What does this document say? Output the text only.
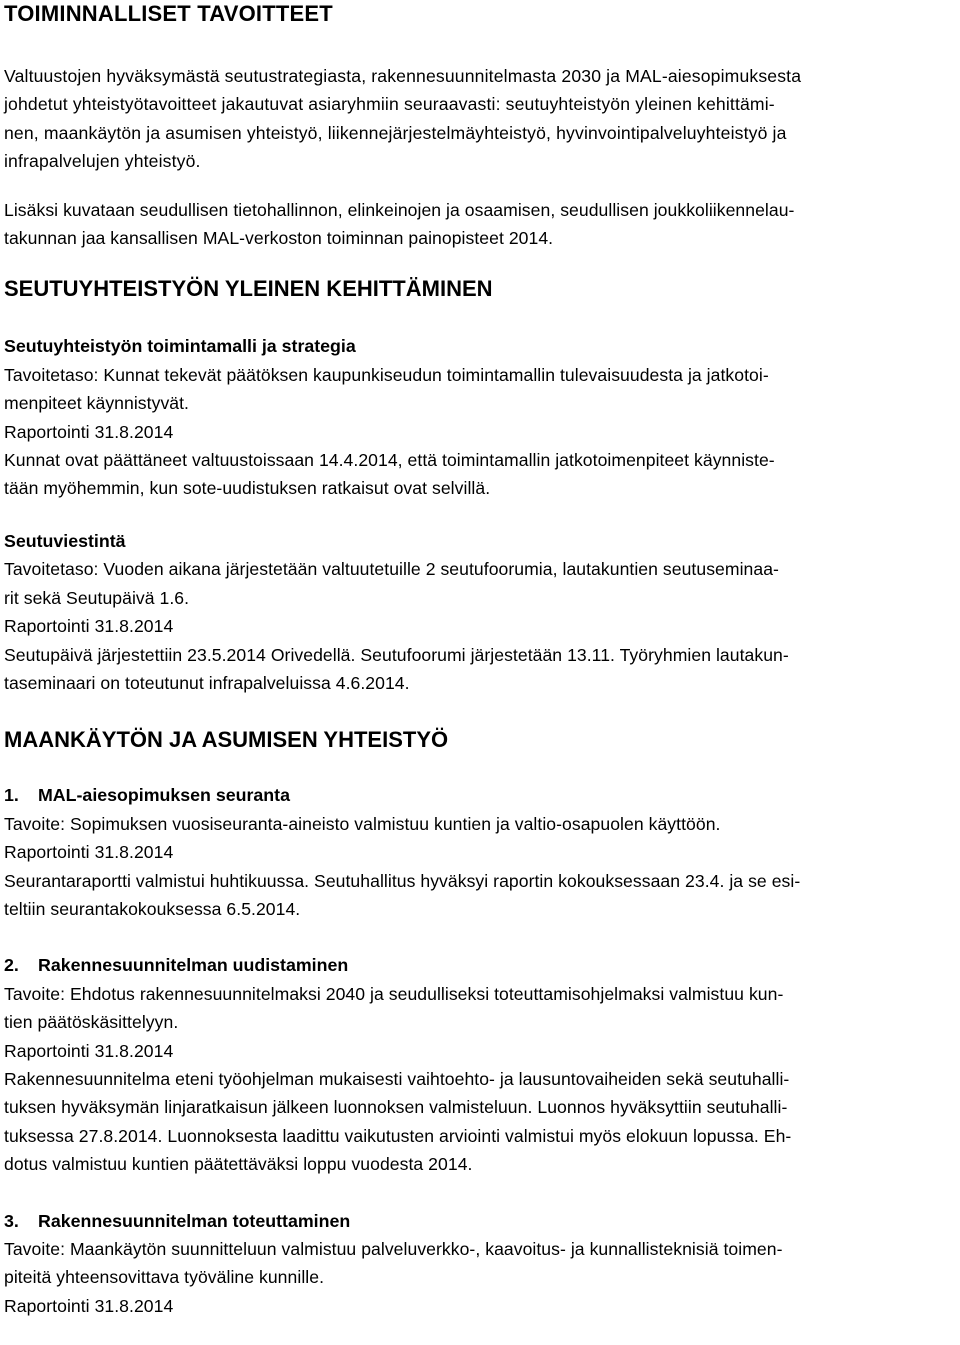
TOIMINNALLISET TAVOITTEET

Valtuustojen hyväksymästä seutustrategiasta, rakennesuunnitelmasta 2030 ja MAL-aiesopimuksesta
johdetut yhteistyötavoitteet jakautuvat asiaryhmiin seuraavasti: seutuyhteistyön yleinen kehittämi-
nen, maankäytön ja asumisen yhteistyö, liikennejärjestelmäyhteistyö, hyvinvointipalveluyhteistyö ja
infrapalvelujen yhteistyö.

Lisäksi kuvataan seudullisen tietohallinnon, elinkeinojen ja osaamisen, seudullisen joukkoliikennelau-
takunnan jaa kansallisen MAL-verkoston toiminnan painopisteet 2014.

SEUTUYHTEISTYÖN YLEINEN KEHITTÄMINEN
Seutuyhteistyön toimintamalli ja strategia

Tavoitetaso: Kunnat tekevät päätöksen kaupunkiseudun toimintamallin tulevaisuudesta ja jatkotoi-
menpiteet käynnistyvät.
Raportointi 31.8.2014
Kunnat ovat päättäneet valtuustoissaan 14.4.2014, että toimintamallin jatkotoimenpiteet käynniste-
tään myöhemmin, kun sote-uudistuksen ratkaisut ovat selvillä.

Seutuviestintä

Tavoitetaso: Vuoden aikana järjestetään valtuutetuille 2 seutufoorumia, lautakuntien seutuseminaa-
rit sekä Seutupäivä 1.6.
Raportointi 31.8.2014
Seutupäivä järjestettiin 23.5.2014 Orivedellä. Seutufoorumi järjestetään 13.11. Työryhmien lautakun-
taseminaari on toteutunut infrapalveluissa 4.6.2014.

MAANKÄYTÖN JA ASUMISEN YHTEISTYÖ
1. MAL-aiesopimuksen seuranta

Tavoite: Sopimuksen vuosiseuranta-aineisto valmistuu kuntien ja valtio-osapuolen käyttöön.
Raportointi 31.8.2014
Seurantaraportti valmistui huhtikuussa. Seutuhallitus hyväksyi raportin kokouksessaan 23.4. ja se esi-
teltiin seurantakokouksessa 6.5.2014.

2. Rakennesuunnitelman uudistaminen

Tavoite: Ehdotus rakennesuunnitelmaksi 2040 ja seudulliseksi toteuttamisohjelmaksi valmistuu kun-
tien päätöskäsittelyyn.
Raportointi 31.8.2014
Rakennesuunnitelma eteni työohjelman mukaisesti vaihtoehto- ja lausuntovaiheiden sekä seutuhalli-
tuksen hyväksymän linjaratkaisun jälkeen luonnoksen valmisteluun. Luonnos hyväksyttiin seutuhalli-
tuksessa 27.8.2014. Luonnoksesta laadittu vaikutusten arviointi valmistui myös elokuun lopussa. Eh-
dotus valmistuu kuntien päätettäväksi loppu vuodesta 2014.

3. Rakennesuunnitelman toteuttaminen

Tavoite: Maankäytön suunnitteluun valmistuu palveluverkko-, kaavoitus- ja kunnallisteknisiä toimen-
piteitä yhteensovittava työväline kunnille.
Raportointi 31.8.2014
